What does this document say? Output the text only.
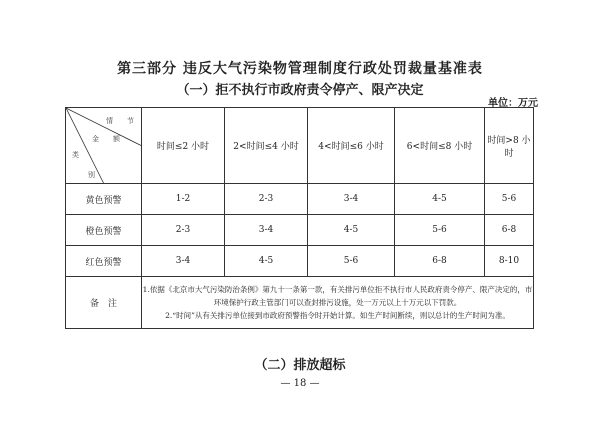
第三部分 违反大气污染物管理制度行政处罚裁量基准表
（一）拒不执行市政府责令停产、限产决定
单位：万元
情　　节
金　　额
类
别	时间≤2 小时	2<时间≤4 小时	4<时间≤6 小时	6<时间≤8 小时	时间>8 小时
黄色预警	1-2	2-3	3-4	4-5	5-6
橙色预警	2-3	3-4	4-5	5-6	6-8
红色预警	3-4	4-5	5-6	6-8	8-10
备　注	1.依据《北京市大气污染防治条例》第九十一条第一款，有关排污单位拒不执行市人民政府责令停产、限产决定的，市环境保护行政主管部门可以查封排污设施，处一万元以上十万元以下罚款。
2.“时间”从有关排污单位接到市政府预警指令时开始计算。如生产时间断续，则以总计的生产时间为准。				
（二）排放超标
— 18 —
